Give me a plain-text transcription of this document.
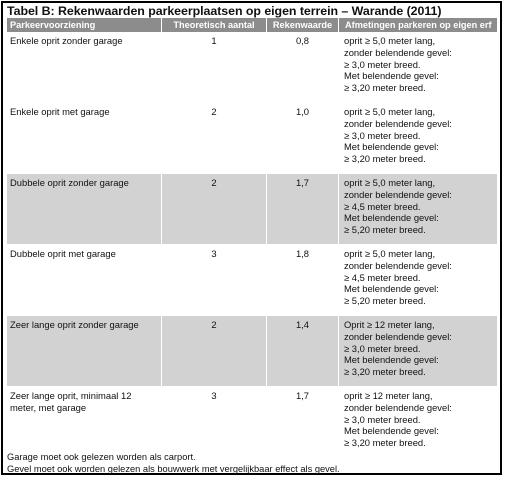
Tabel B: Rekenwaarden parkeerplaatsen op eigen terrein – Warande (2011)
Parkeervoorziening	Theoretisch aantal	Rekenwaarde	Afmetingen parkeren op eigen erf

Enkele oprit zonder garage	1	0,8	oprit ≥ 5,0 meter lang,
zonder belendende gevel:
≥ 3,0 meter breed.
Met belendende gevel:
≥ 3,20 meter breed.

Enkele oprit met garage	2	1,0	oprit ≥ 5,0 meter lang,
zonder belendende gevel:
≥ 3,0 meter breed.
Met belendende gevel:
≥ 3,20 meter breed.

Dubbele oprit zonder garage	2	1,7	oprit ≥ 5,0 meter lang,
zonder belendende gevel:
≥ 4,5 meter breed.
Met belendende gevel:
≥ 5,20 meter breed.

Dubbele oprit met garage	3	1,8	oprit ≥ 5,0 meter lang,
zonder belendende gevel:
≥ 4,5 meter breed.
Met belendende gevel:
≥ 5,20 meter breed.

Zeer lange oprit zonder garage	2	1,4	Oprit ≥ 12 meter lang,
zonder belendende gevel:
≥ 3,0 meter breed.
Met belendende gevel:
≥ 3,20 meter breed.

Zeer lange oprit, minimaal 12
meter, met garage	3	1,7	oprit ≥ 12 meter lang,
zonder belendende gevel:
≥ 3,0 meter breed.
Met belendende gevel:
≥ 3,20 meter breed.
Garage moet ook gelezen worden als carport.
Gevel moet ook worden gelezen als bouwwerk met vergelijkbaar effect als gevel.
